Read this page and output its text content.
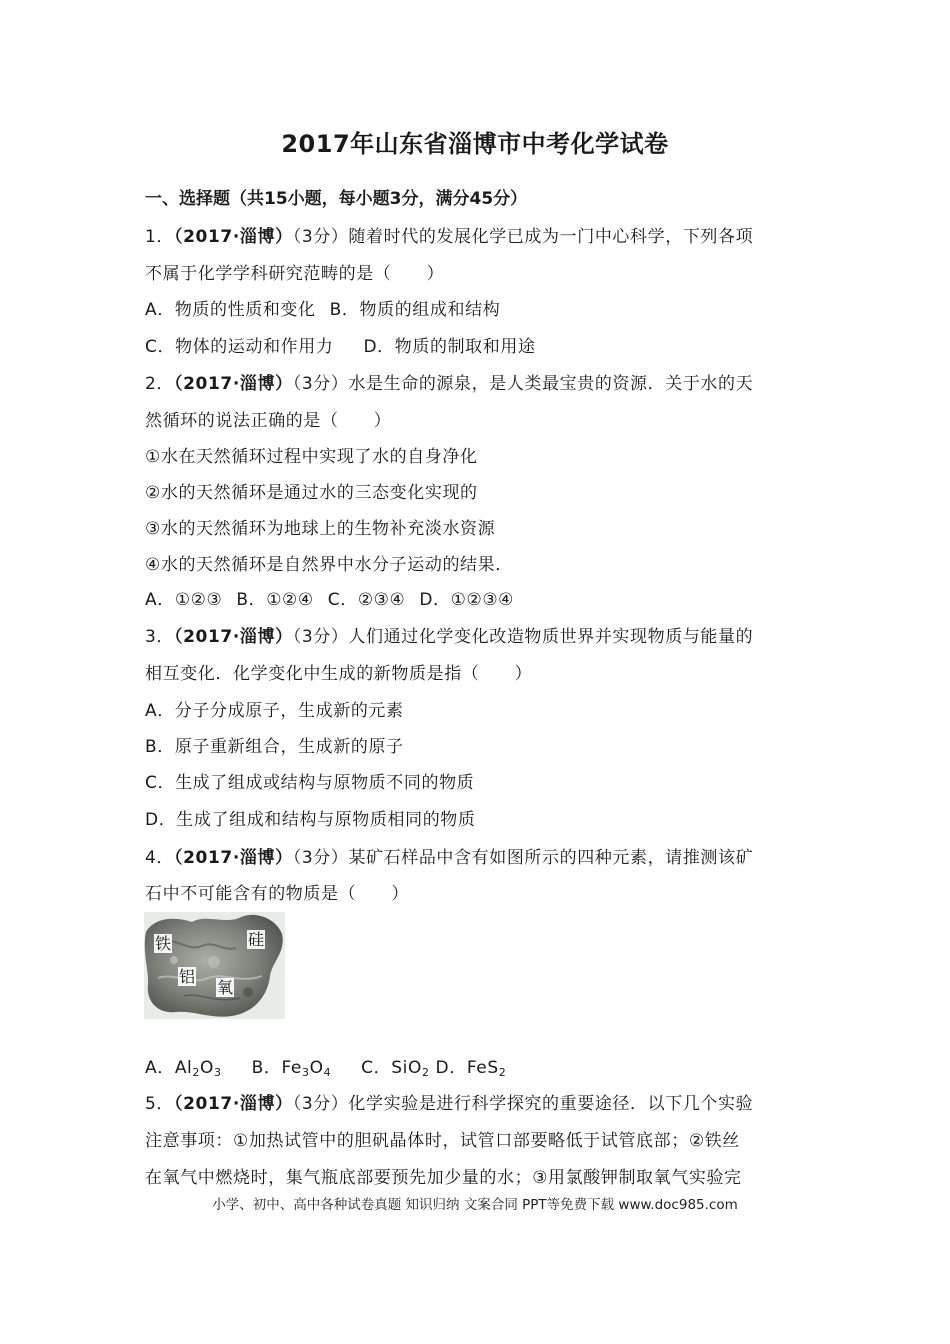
2017年山东省淄博市中考化学试卷
一、选择题（共15小题，每小题3分，满分45分）
1．（2017·淄博）（3分）随着时代的发展化学已成为一门中心科学，下列各项
不属于化学学科研究范畴的是（　　）
A．物质的性质和变化 B．物质的组成和结构
C．物体的运动和作用力 D．物质的制取和用途
2．（2017·淄博）（3分）水是生命的源泉，是人类最宝贵的资源．关于水的天
然循环的说法正确的是（　　）
①水在天然循环过程中实现了水的自身净化
②水的天然循环是通过水的三态变化实现的
③水的天然循环为地球上的生物补充淡水资源
④水的天然循环是自然界中水分子运动的结果．
A．①②③ B．①②④ C．②③④ D．①②③④
3．（2017·淄博）（3分）人们通过化学变化改造物质世界并实现物质与能量的
相互变化．化学变化中生成的新物质是指（　　）
A．分子分成原子，生成新的元素
B．原子重新组合，生成新的原子
C．生成了组成或结构与原物质不同的物质
D．生成了组成和结构与原物质相同的物质
4．（2017·淄博）（3分）某矿石样品中含有如图所示的四种元素，请推测该矿
石中不可能含有的物质是（　　）
铁	硅
铝
氧
A．$Al_2O_3$ B．$Fe_3O_4$ C．SiO$_2$ D．FeS$_2$
5．（2017·淄博）（3分）化学实验是进行科学探究的重要途径．以下几个实验
注意事项：①加热试管中的胆矾晶体时，试管口部要略低于试管底部；②铁丝
在氧气中燃烧时，集气瓶底部要预先加少量的水；③用氯酸钾制取氧气实验完
小学、初中、高中各种试卷真题 知识归纳 文案合同 PPT等免费下载 www.doc985.com
